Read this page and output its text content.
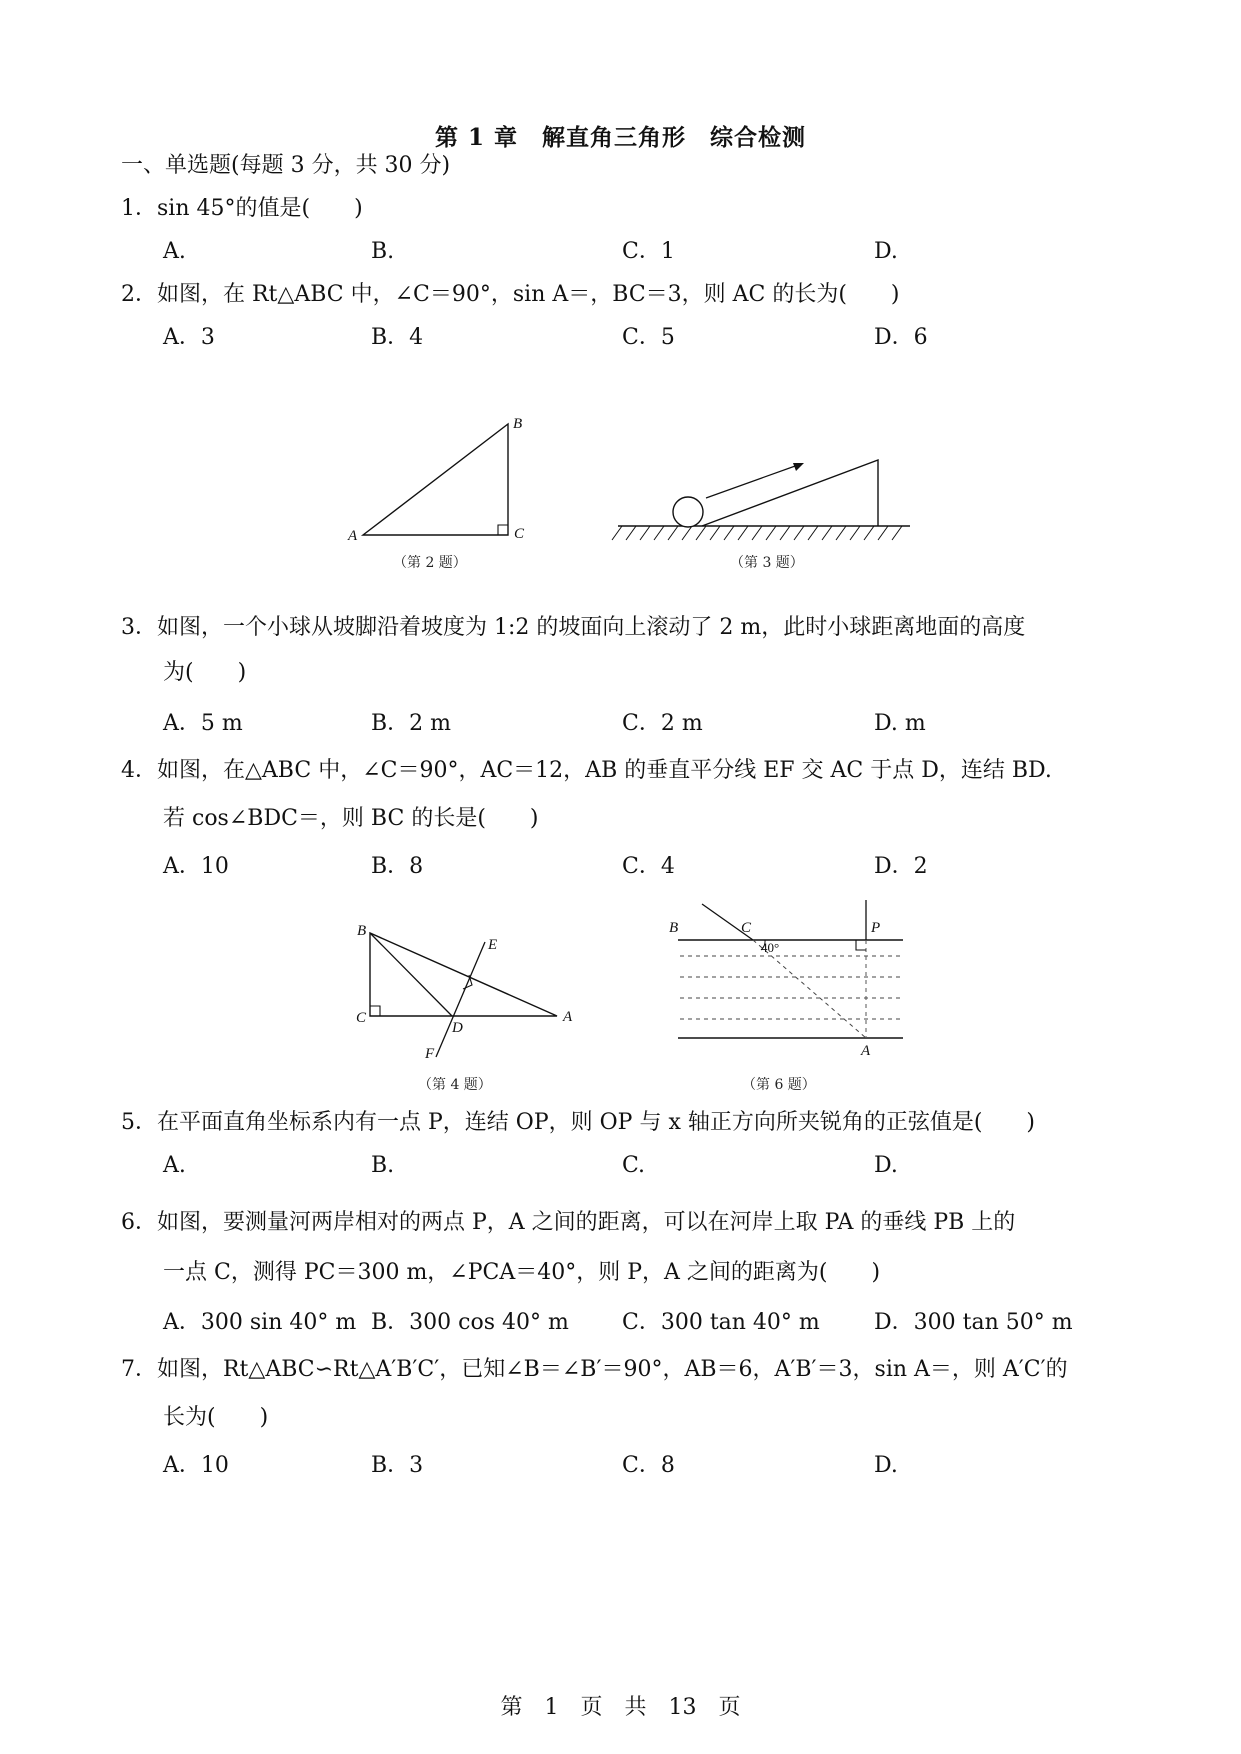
第 1 章　解直角三角形　综合检测
一、单选题(每题 3 分，共 30 分)
1．sin 45°的值是(　　)
A.	B.	C．1	D.
2．如图，在 Rt△ABC 中，∠C＝90°，sin A＝，BC＝3，则 AC 的长为(　　)
A．3	B．4	C．5	D．6
A
B
C
（第 2 题）	（第 3 题）
3．如图，一个小球从坡脚沿着坡度为 1:2 的坡面向上滚动了 2 m，此时小球距离地面的高度
为(　　)
A．5 m	B．2 m	C．2 m	D. m
4．如图，在△ABC 中，∠C＝90°，AC＝12，AB 的垂直平分线 EF 交 AC 于点 D，连结 BD.
若 cos∠BDC＝，则 BC 的长是(　　)
A．10	B．8	C．4	D．2
B
C
D
A
E
F
（第 4 题）
B	C	P
A
40°
（第 6 题）
5．在平面直角坐标系内有一点 P，连结 OP，则 OP 与 x 轴正方向所夹锐角的正弦值是(　　)
A.	B.	C.	D.
6．如图，要测量河两岸相对的两点 P，A 之间的距离，可以在河岸上取 PA 的垂线 PB 上的
一点 C，测得 PC＝300 m，∠PCA＝40°，则 P，A 之间的距离为(　　)
A．300 sin 40° m B．300 cos 40° m C．300 tan 40° m D．300 tan 50° m
7．如图，Rt△ABC∽Rt△A′B′C′，已知∠B＝∠B′＝90°，AB＝6，A′B′＝3，sin A＝，则 A′C′的
长为(　　)
A．10	B．3	C．8	D.
第　1　页　共　13　页
